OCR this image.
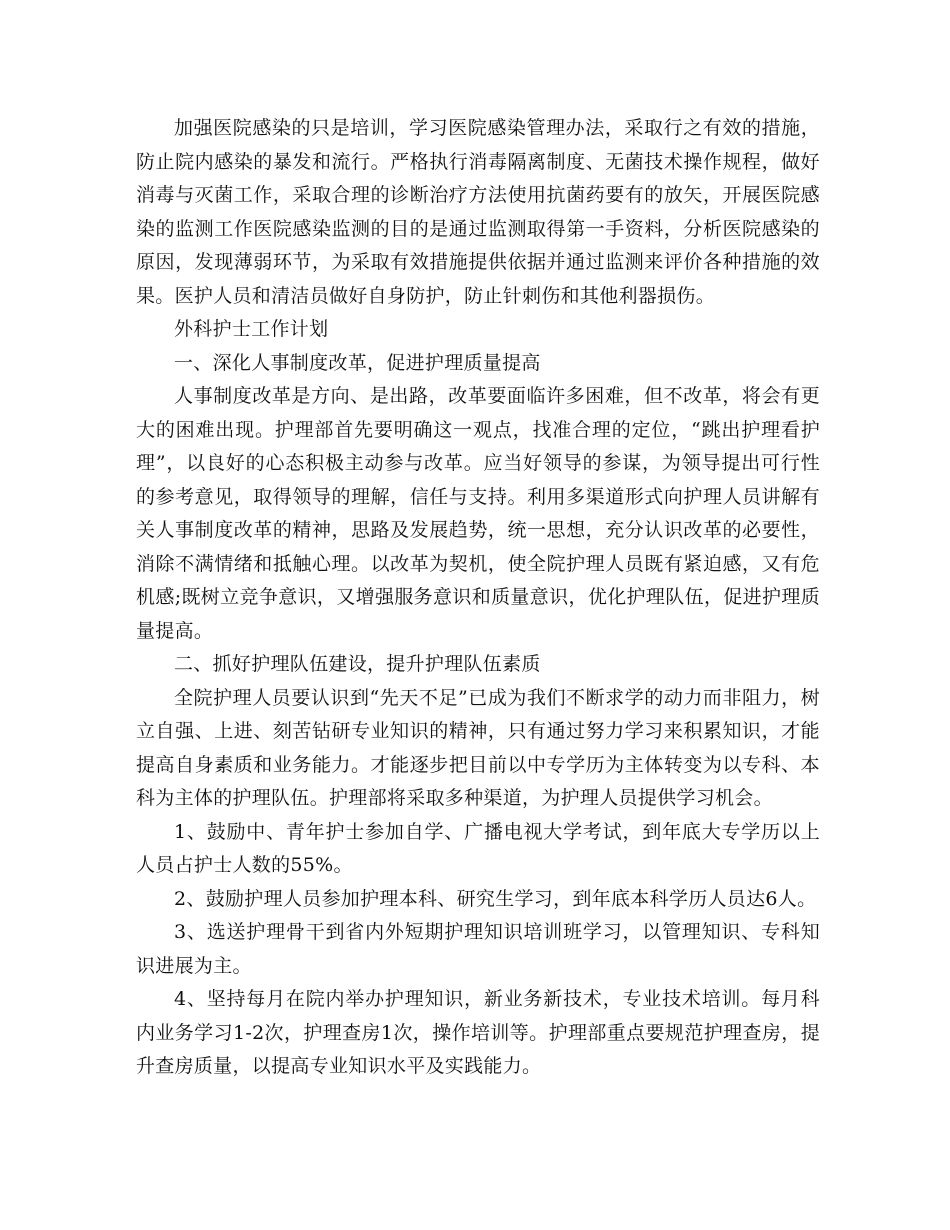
加强医院感染的只是培训，学习医院感染管理办法，采取行之有效的措施，防止院内感染的暴发和流行。严格执行消毒隔离制度、无菌技术操作规程，做好消毒与灭菌工作，采取合理的诊断治疗方法使用抗菌药要有的放矢，开展医院感染的监测工作医院感染监测的目的是通过监测取得第一手资料，分析医院感染的原因，发现薄弱环节，为采取有效措施提供依据并通过监测来评价各种措施的效果。医护人员和清洁员做好自身防护，防止针刺伤和其他利器损伤。

外科护士工作计划

一、深化人事制度改革，促进护理质量提高

人事制度改革是方向、是出路，改革要面临许多困难，但不改革，将会有更大的困难出现。护理部首先要明确这一观点，找准合理的定位，“跳出护理看护理”，以良好的心态积极主动参与改革。应当好领导的参谋，为领导提出可行性的参考意见，取得领导的理解，信任与支持。利用多渠道形式向护理人员讲解有关人事制度改革的精神，思路及发展趋势，统一思想，充分认识改革的必要性，消除不满情绪和抵触心理。以改革为契机，使全院护理人员既有紧迫感，又有危机感;既树立竞争意识，又增强服务意识和质量意识，优化护理队伍，促进护理质量提高。

二、抓好护理队伍建设，提升护理队伍素质

全院护理人员要认识到“先天不足”已成为我们不断求学的动力而非阻力，树立自强、上进、刻苦钻研专业知识的精神，只有通过努力学习来积累知识，才能提高自身素质和业务能力。才能逐步把目前以中专学历为主体转变为以专科、本科为主体的护理队伍。护理部将采取多种渠道，为护理人员提供学习机会。

1、鼓励中、青年护士参加自学、广播电视大学考试，到年底大专学历以上人员占护士人数的55%。

2、鼓励护理人员参加护理本科、研究生学习，到年底本科学历人员达6人。

3、选送护理骨干到省内外短期护理知识培训班学习，以管理知识、专科知识进展为主。

4、坚持每月在院内举办护理知识，新业务新技术，专业技术培训。每月科内业务学习1-2次，护理查房1次，操作培训等。护理部重点要规范护理查房，提升查房质量，以提高专业知识水平及实践能力。
